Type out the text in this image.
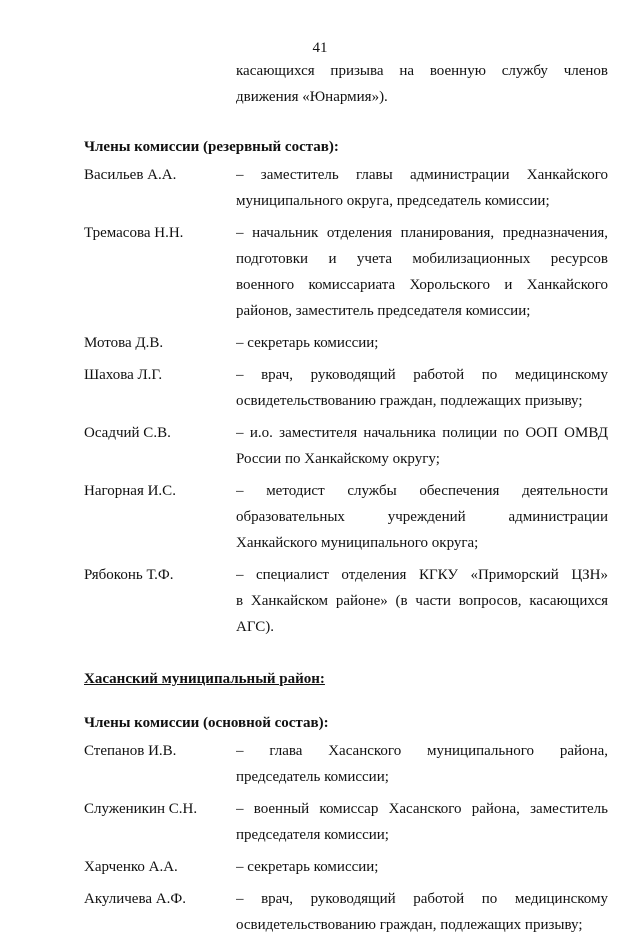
41
касающихся призыва на военную службу членов
движения «Юнармия»).
Члены комиссии (резервный состав):
Васильев А.А.	– заместитель главы администрации Ханкайского
муниципального округа, председатель комиссии;
Тремасова Н.Н.	– начальник отделения планирования, предназначения,
подготовки и учета мобилизационных ресурсов
военного комиссариата Хорольского и Ханкайского
районов, заместитель председателя комиссии;
Мотова Д.В.	– секретарь комиссии;
Шахова Л.Г.	– врач, руководящий работой по медицинскому
освидетельствованию граждан, подлежащих призыву;
Осадчий С.В.	– и.о. заместителя начальника полиции по ООП ОМВД
России по Ханкайскому округу;
Нагорная И.С.	– методист службы обеспечения деятельности
образовательных учреждений администрации
Ханкайского муниципального округа;
Рябоконь Т.Ф.	– специалист отделения КГКУ «Приморский ЦЗН»
в Ханкайском районе» (в части вопросов, касающихся
АГС).
Хасанский муниципальный район:
Члены комиссии (основной состав):
Степанов И.В.	– глава Хасанского муниципального района,
председатель комиссии;
Служеникин С.Н.	– военный комиссар Хасанского района, заместитель
председателя комиссии;
Харченко А.А.	– секретарь комиссии;
Акуличева А.Ф.	– врач, руководящий работой по медицинскому
освидетельствованию граждан, подлежащих призыву;
